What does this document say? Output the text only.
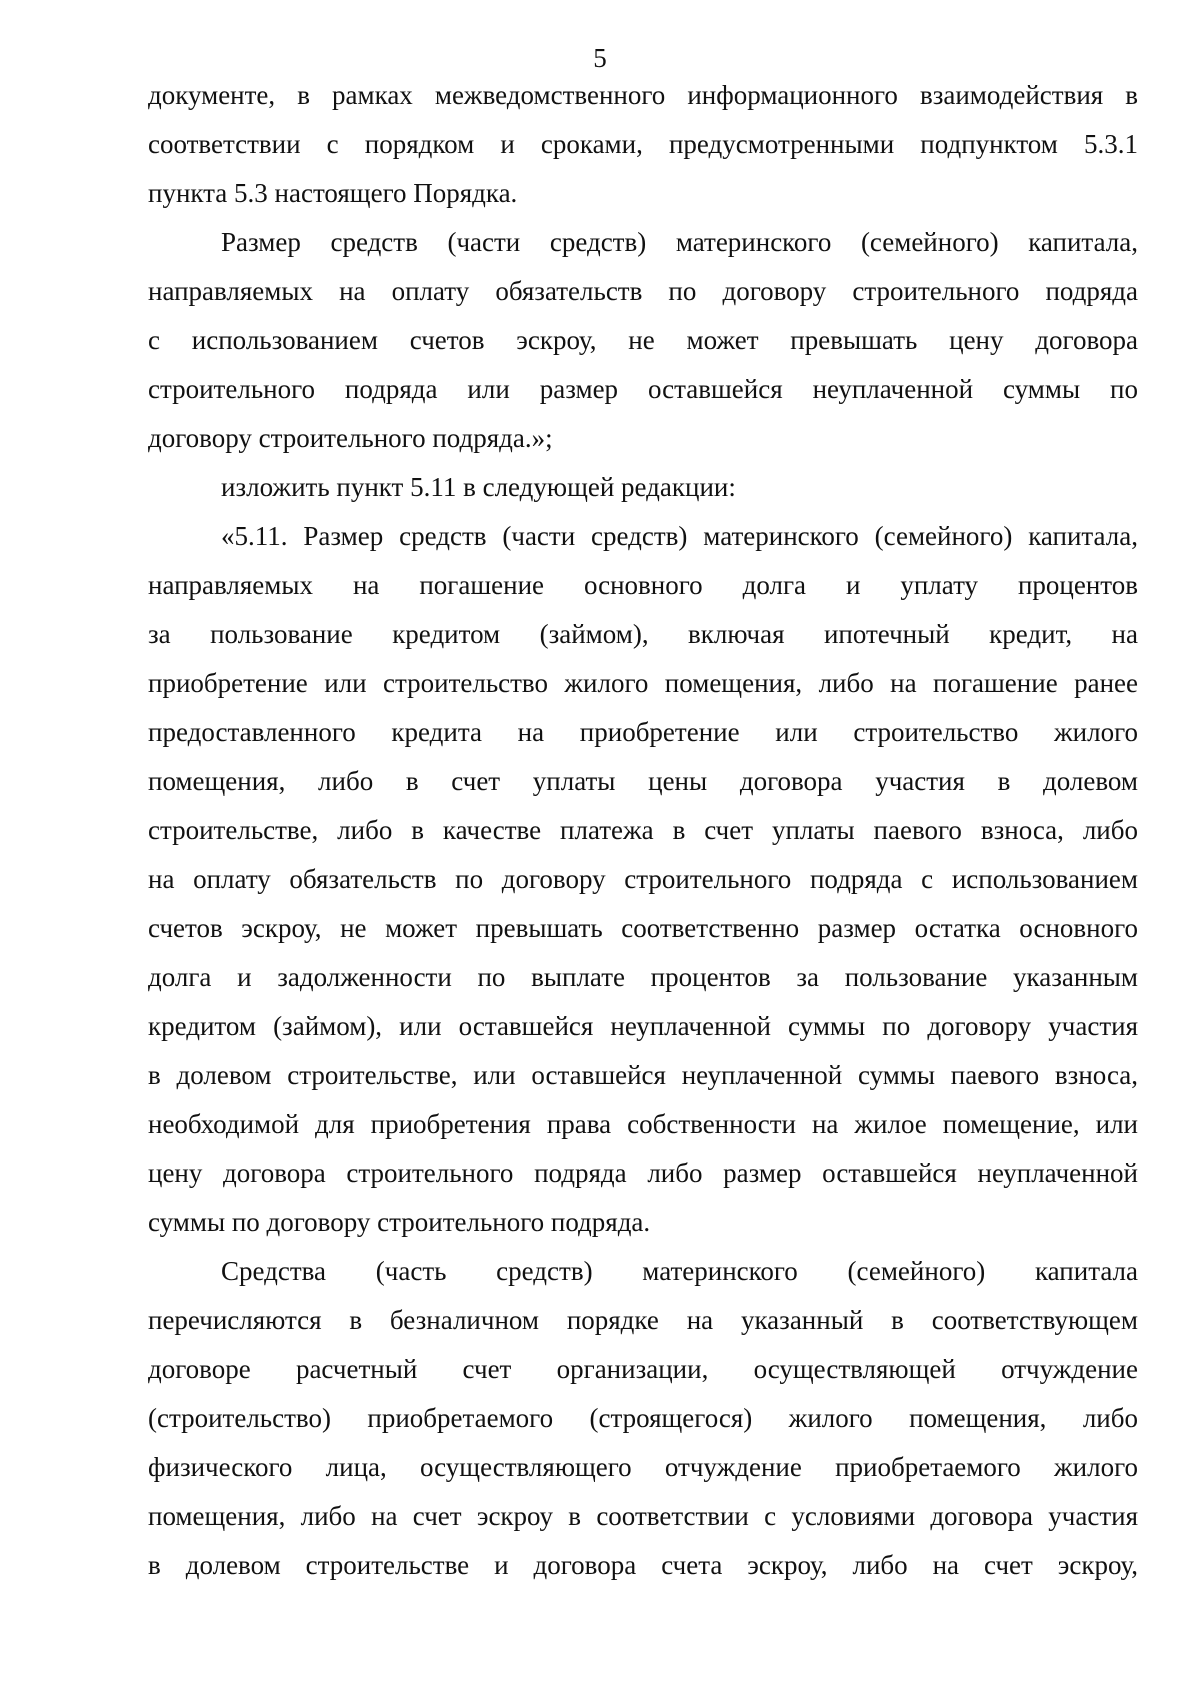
5
документе, в рамках межведомственного информационного взаимодействия в
соответствии с порядком и сроками, предусмотренными подпунктом 5.3.1
пункта 5.3 настоящего Порядка.
Размер средств (части средств) материнского (семейного) капитала,
направляемых на оплату обязательств по договору строительного подряда
с использованием счетов эскроу, не может превышать цену договора
строительного подряда или размер оставшейся неуплаченной суммы по
договору строительного подряда.»;
изложить пункт 5.11 в следующей редакции:
«5.11. Размер средств (части средств) материнского (семейного) капитала,
направляемых на погашение основного долга и уплату процентов
за пользование кредитом (займом), включая ипотечный кредит, на
приобретение или строительство жилого помещения, либо на погашение ранее
предоставленного кредита на приобретение или строительство жилого
помещения, либо в счет уплаты цены договора участия в долевом
строительстве, либо в качестве платежа в счет уплаты паевого взноса, либо
на оплату обязательств по договору строительного подряда с использованием
счетов эскроу, не может превышать соответственно размер остатка основного
долга и задолженности по выплате процентов за пользование указанным
кредитом (займом), или оставшейся неуплаченной суммы по договору участия
в долевом строительстве, или оставшейся неуплаченной суммы паевого взноса,
необходимой для приобретения права собственности на жилое помещение, или
цену договора строительного подряда либо размер оставшейся неуплаченной
суммы по договору строительного подряда.
Средства (часть средств) материнского (семейного) капитала
перечисляются в безналичном порядке на указанный в соответствующем
договоре расчетный счет организации, осуществляющей отчуждение
(строительство) приобретаемого (строящегося) жилого помещения, либо
физического лица, осуществляющего отчуждение приобретаемого жилого
помещения, либо на счет эскроу в соответствии с условиями договора участия
в долевом строительстве и договора счета эскроу, либо на счет эскроу,
